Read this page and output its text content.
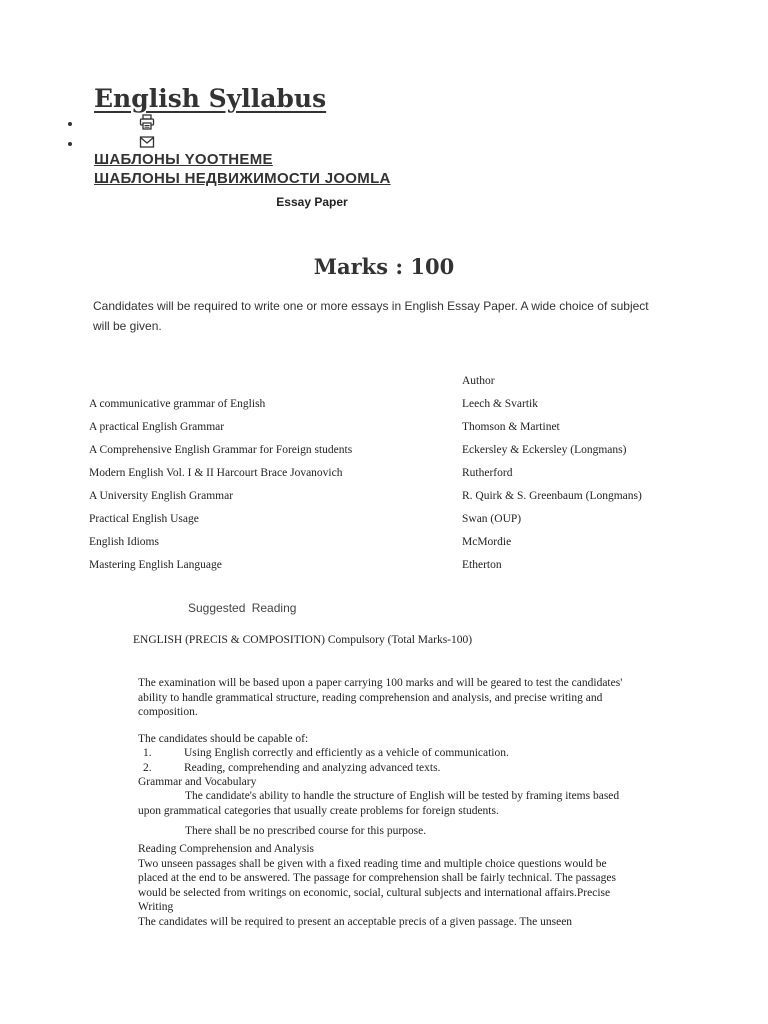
English Syllabus
ШАБЛОНЫ YOOTHEME
ШАБЛОНЫ НЕДВИЖИМОСТИ JOOMLA
Essay Paper
Marks : 100
Candidates will be required to write one or more essays in English Essay Paper. A wide choice of subject will be given.
	Author
A communicative grammar of English	Leech & Svartik
A practical English Grammar	Thomson & Martinet
A Comprehensive English Grammar for Foreign students	Eckersley & Eckersley (Longmans)
Modern English Vol. I & II Harcourt Brace Jovanovich	Rutherford
A University English Grammar	R. Quirk & S. Greenbaum (Longmans)
Practical English Usage	Swan (OUP)
English Idioms	McMordie
Mastering English Language	Etherton
Suggested Reading
ENGLISH (PRECIS & COMPOSITION) Compulsory (Total Marks-100)
The examination will be based upon a paper carrying 100 marks and will be geared to test the candidates' ability to handle grammatical structure, reading comprehension and analysis, and precise writing and composition.
The candidates should be capable of:
1.	Using English correctly and efficiently as a vehicle of communication.
2.	Reading, comprehending and analyzing advanced texts.
Grammar and Vocabulary
The candidate's ability to handle the structure of English will be tested by framing items based upon grammatical categories that usually create problems for foreign students.
There shall be no prescribed course for this purpose.
Reading Comprehension and Analysis
Two unseen passages shall be given with a fixed reading time and multiple choice questions would be placed at the end to be answered. The passage for comprehension shall be fairly technical. The passages would be selected from writings on economic, social, cultural subjects and international affairs.Precise Writing
The candidates will be required to present an acceptable precis of a given passage. The unseen
